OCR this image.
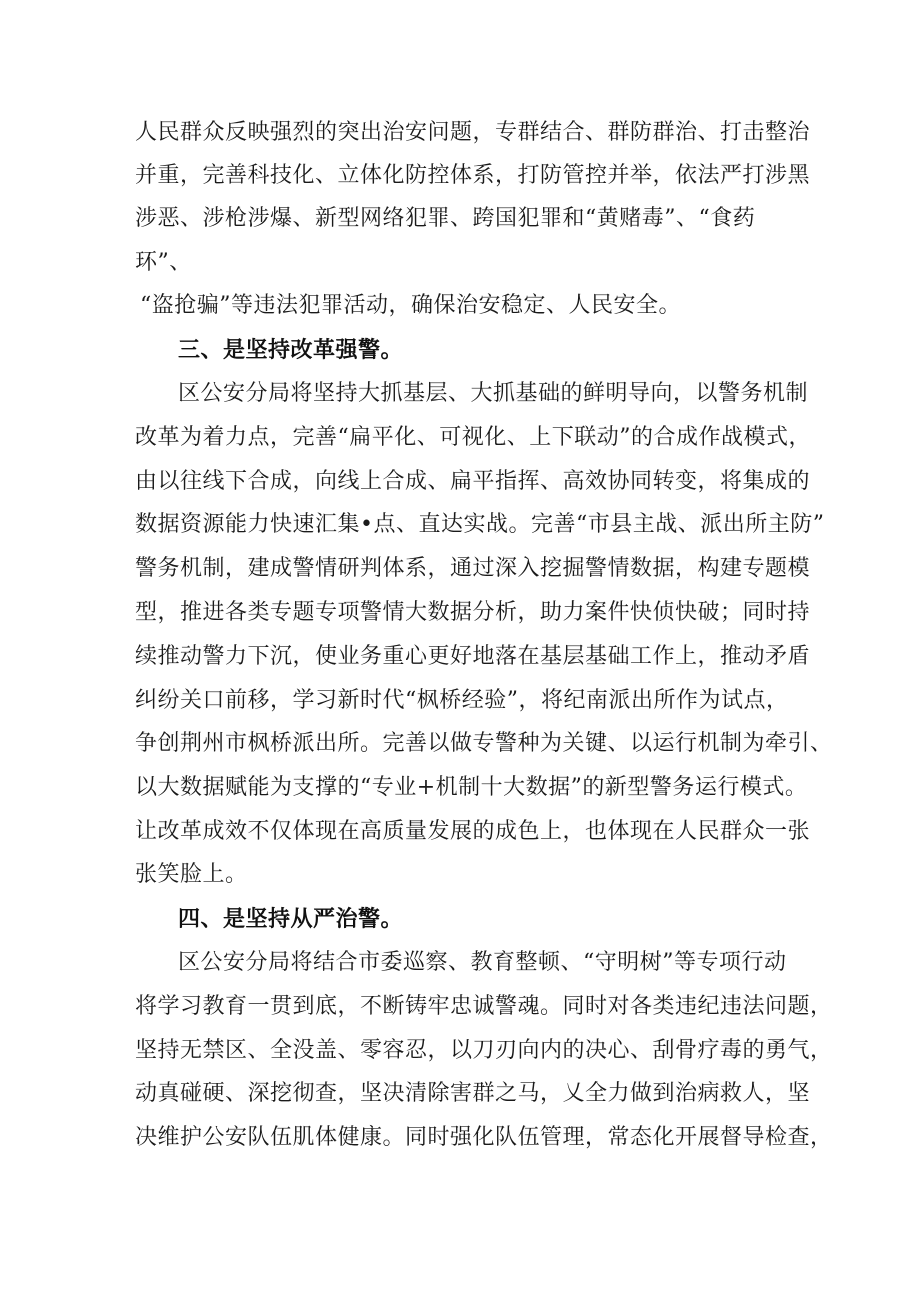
人民群众反映强烈的突出治安问题，专群结合、群防群治、打击整治
并重，完善科技化、立体化防控体系，打防管控并举，依法严打涉黑
涉恶、涉枪涉爆、新型网络犯罪、跨国犯罪和“黄赌毒”、“食药
环”、
“盗抢骗”等违法犯罪活动，确保治安稳定、人民安全。
三、是坚持改革强警。
区公安分局将坚持大抓基层、大抓基础的鲜明导向，以警务机制
改革为着力点，完善“扁平化、可视化、上下联动”的合成作战模式，
由以往线下合成，向线上合成、扁平指挥、高效协同转变，将集成的
数据资源能力快速汇集•点、直达实战。完善“市县主战、派出所主防”
警务机制，建成警情研判体系，通过深入挖掘警情数据，构建专题模
型，推进各类专题专项警情大数据分析，助力案件快侦快破；同时持
续推动警力下沉，使业务重心更好地落在基层基础工作上，推动矛盾
纠纷关口前移，学习新时代“枫桥经验”，将纪南派出所作为试点，
争创荆州市枫桥派出所。完善以做专警种为关键、以运行机制为牵引、
以大数据赋能为支撑的“专业+机制十大数据”的新型警务运行模式。
让改革成效不仅体现在高质量发展的成色上，也体现在人民群众一张
张笑脸上。
四、是坚持从严治警。
区公安分局将结合市委巡察、教育整顿、“守明树”等专项行动
将学习教育一贯到底，不断铸牢忠诚警魂。同时对各类违纪违法问题，
坚持无禁区、全没盖、零容忍，以刀刃向内的决心、刮骨疗毒的勇气，
动真碰硬、深挖彻查，坚决清除害群之马，乂全力做到治病救人，坚
决维护公安队伍肌体健康。同时强化队伍管理，常态化开展督导检查，
